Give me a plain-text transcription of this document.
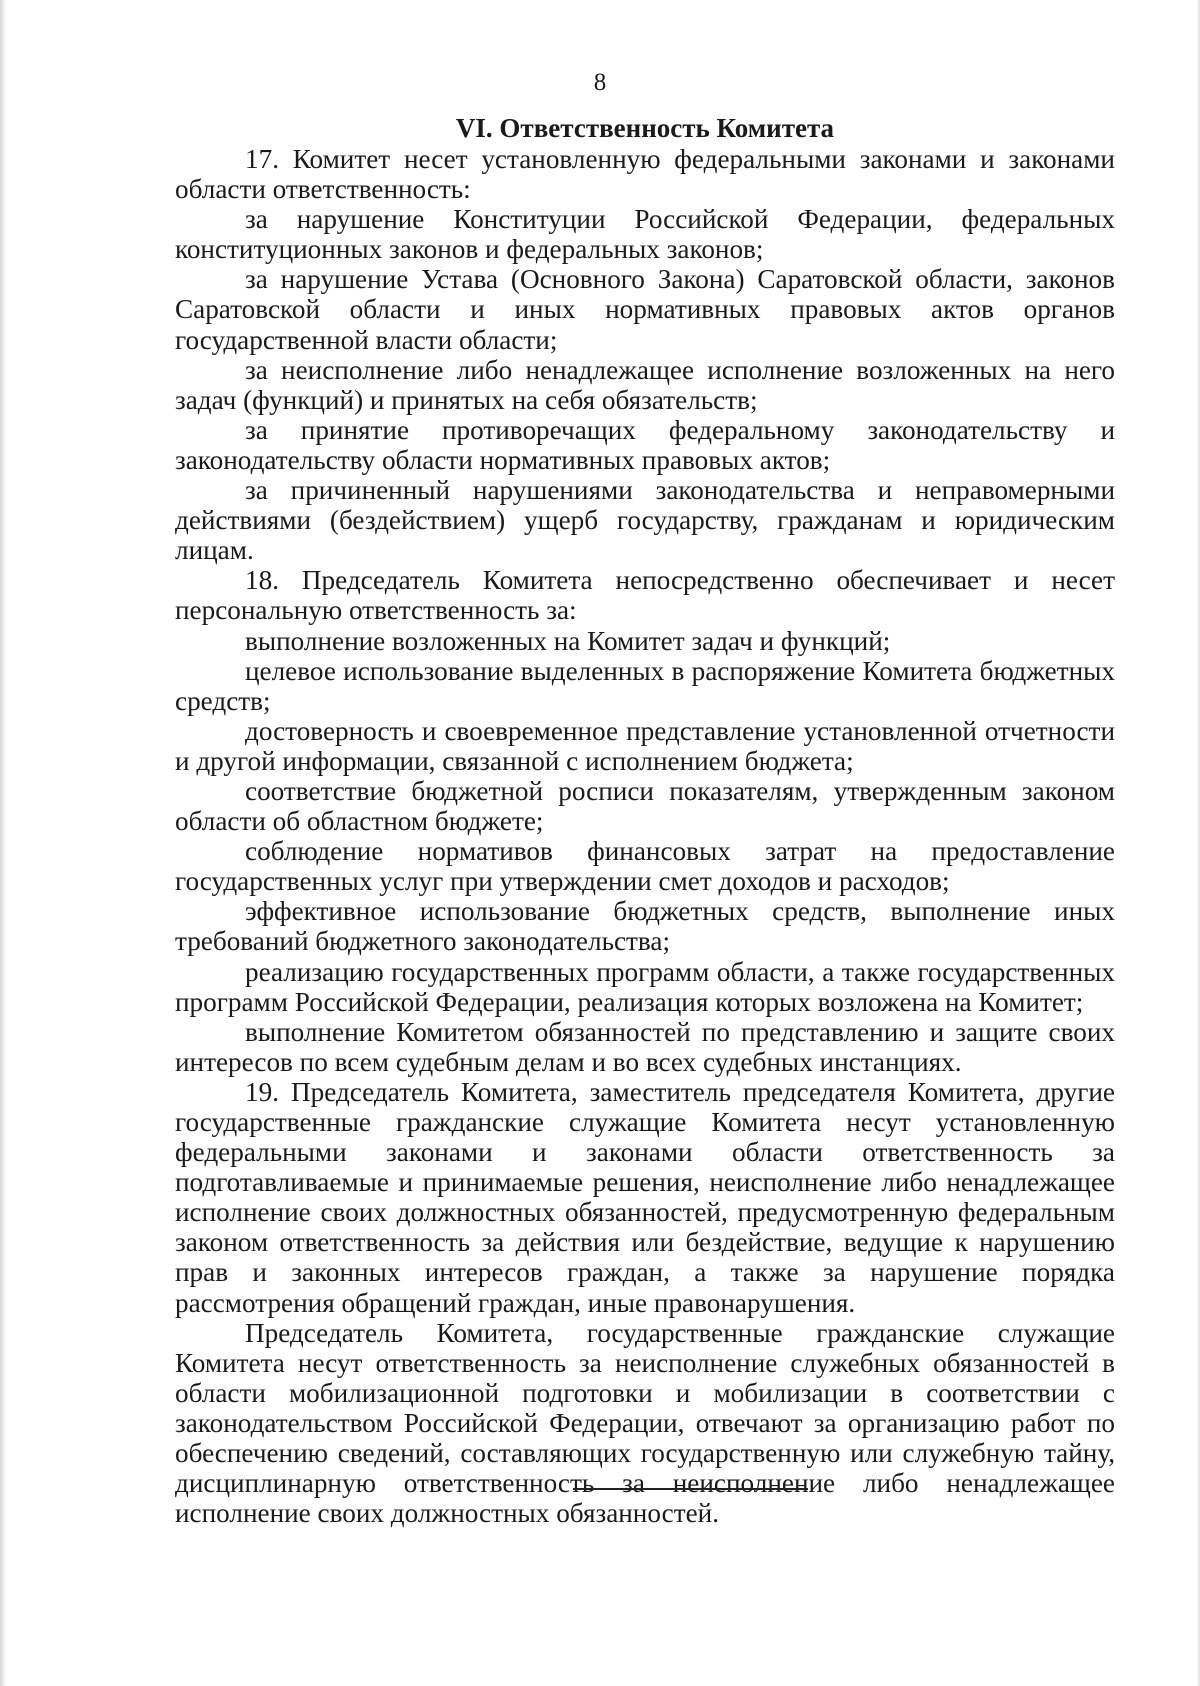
8
VI. Ответственность Комитета

17. Комитет несет установленную федеральными законами и законами области ответственность:

за нарушение Конституции Российской Федерации, федеральных конституционных законов и федеральных законов;

за нарушение Устава (Основного Закона) Саратовской области, законов Саратовской области и иных нормативных правовых актов органов государственной власти области;

за неисполнение либо ненадлежащее исполнение возложенных на него задач (функций) и принятых на себя обязательств;

за принятие противоречащих федеральному законодательству и законодательству области нормативных правовых актов;

за причиненный нарушениями законодательства и неправомерными действиями (бездействием) ущерб государству, гражданам и юридическим лицам.

18. Председатель Комитета непосредственно обеспечивает и несет персональную ответственность за:

выполнение возложенных на Комитет задач и функций;

целевое использование выделенных в распоряжение Комитета бюджетных средств;

достоверность и своевременное представление установленной отчетности и другой информации, связанной с исполнением бюджета;

соответствие бюджетной росписи показателям, утвержденным законом области об областном бюджете;

соблюдение нормативов финансовых затрат на предоставление государственных услуг при утверждении смет доходов и расходов;

эффективное использование бюджетных средств, выполнение иных требований бюджетного законодательства;

реализацию государственных программ области, а также государственных программ Российской Федерации, реализация которых возложена на Комитет;

выполнение Комитетом обязанностей по представлению и защите своих интересов по всем судебным делам и во всех судебных инстанциях.

19. Председатель Комитета, заместитель председателя Комитета, другие государственные гражданские служащие Комитета несут установленную федеральными законами и законами области ответственность за подготавливаемые и принимаемые решения, неисполнение либо ненадлежащее исполнение своих должностных обязанностей, предусмотренную федеральным законом ответственность за действия или бездействие, ведущие к нарушению прав и законных интересов граждан, а также за нарушение порядка рассмотрения обращений граждан, иные правонарушения.

Председатель Комитета, государственные гражданские служащие Комитета несут ответственность за неисполнение служебных обязанностей в области мобилизационной подготовки и мобилизации в соответствии с законодательством Российской Федерации, отвечают за организацию работ по обеспечению сведений, составляющих государственную или служебную тайну, дисциплинарную ответственность за неисполнение либо ненадлежащее исполнение своих должностных обязанностей.
